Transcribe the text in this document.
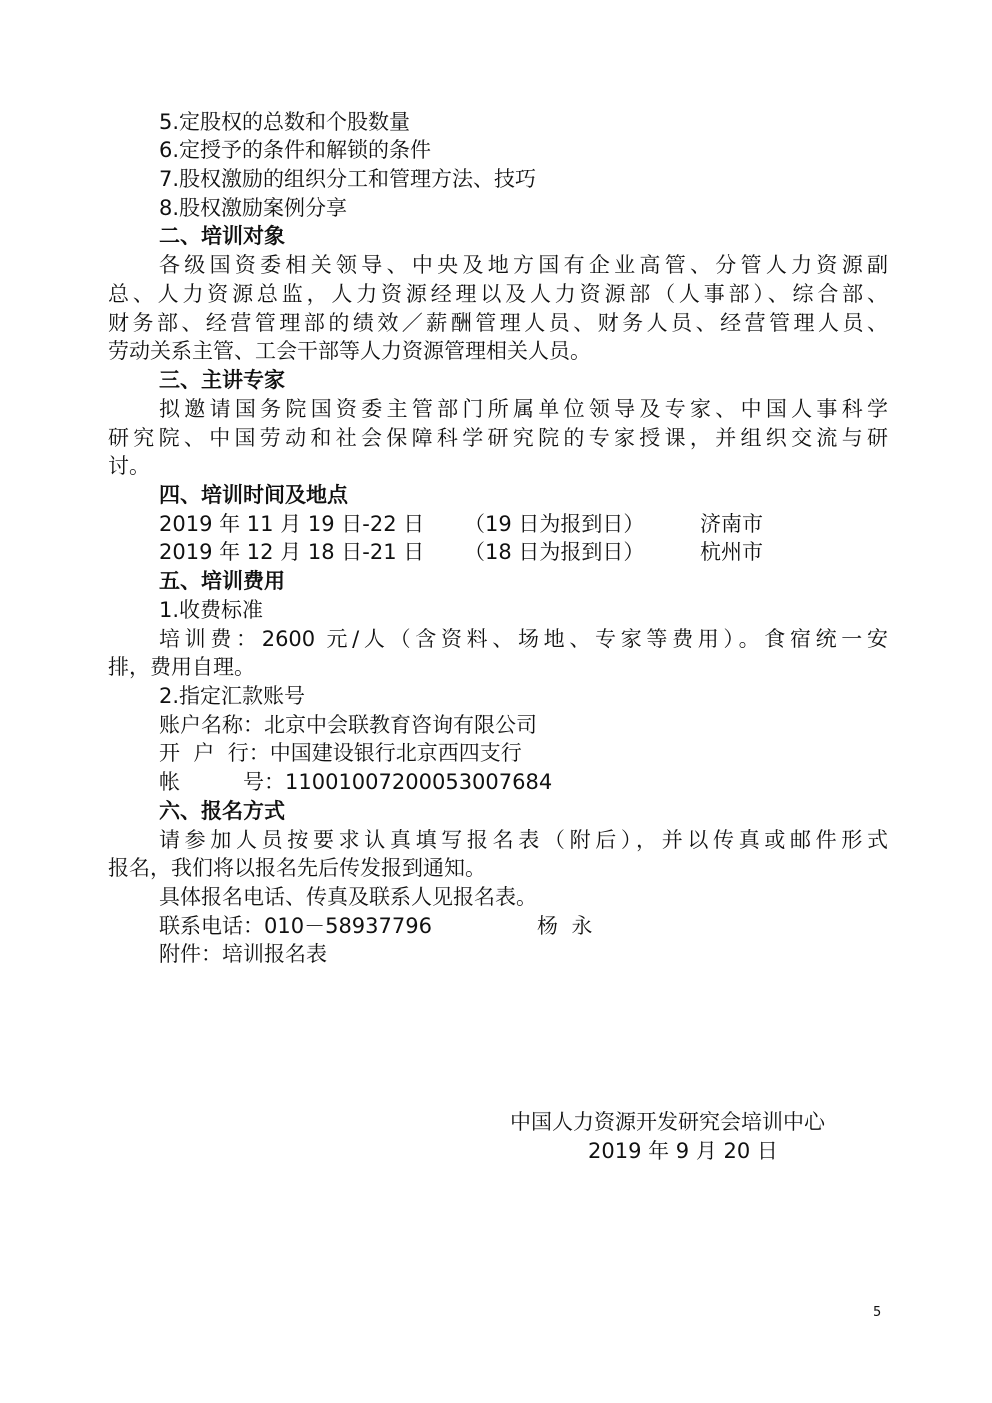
5.定股权的总数和个股数量
6.定授予的条件和解锁的条件
7.股权激励的组织分工和管理方法、技巧
8.股权激励案例分享
二、培训对象
各级国资委相关领导、中央及地方国有企业高管、分管人力资源副
总、人力资源总监，人力资源经理以及人力资源部（人事部）、综合部、
财务部、经营管理部的绩效／薪酬管理人员、财务人员、经营管理人员、
劳动关系主管、工会干部等人力资源管理相关人员。
三、主讲专家
拟邀请国务院国资委主管部门所属单位领导及专家、中国人事科学
研究院、中国劳动和社会保障科学研究院的专家授课，并组织交流与研
讨。
四、培训时间及地点
2019 年 11 月 19 日-22 日 （19 日为报到日）	济南市
2019 年 12 月 18 日-21 日 （18 日为报到日）	杭州市
五、培训费用
1.收费标准
培训费：2600 元/人（含资料、场地、专家等费用）。食宿统一安
排，费用自理。
2.指定汇款账号
账户名称：北京中会联教育咨询有限公司
开  户  行：中国建设银行北京西四支行
帐	号：11001007200053007684
六、报名方式
请参加人员按要求认真填写报名表（附后），并以传真或邮件形式
报名，我们将以报名先后传发报到通知。
具体报名电话、传真及联系人见报名表。
联系电话：010－58937796	杨  永
附件：培训报名表
中国人力资源开发研究会培训中心
2019 年 9 月 20 日
5
